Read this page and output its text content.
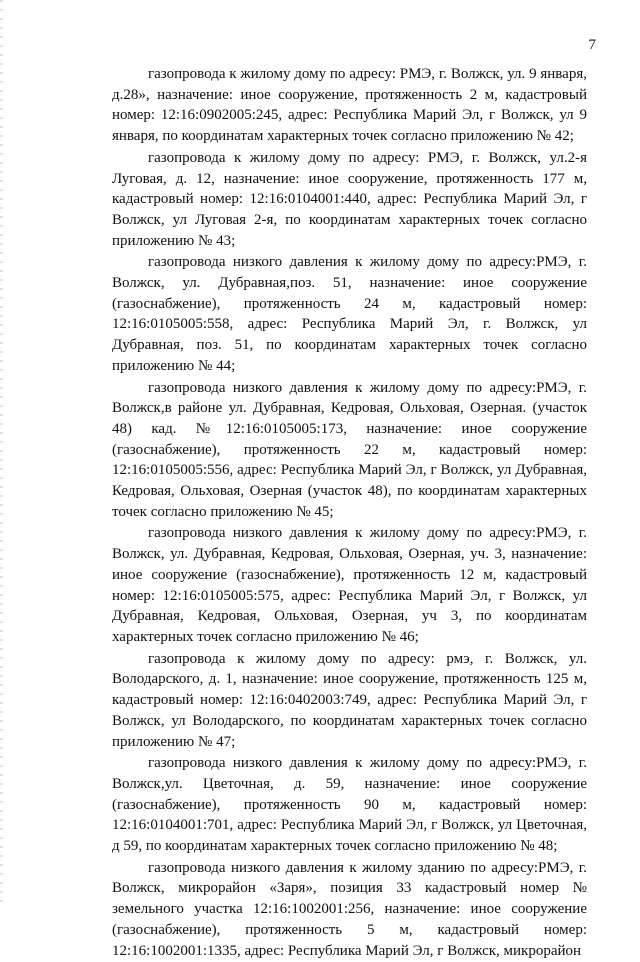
7

газопровода к жилому дому по адресу: РМЭ, г. Волжск, ул. 9 января, д.28», назначение: иное сооружение, протяженность 2 м, кадастровый номер: 12:16:0902005:245, адрес: Республика Марий Эл, г Волжск, ул 9 января, по координатам характерных точек согласно приложению № 42;

газопровода к жилому дому по адресу: РМЭ, г. Волжск, ул.2-я Луговая, д. 12, назначение: иное сооружение, протяженность 177 м, кадастровый номер: 12:16:0104001:440, адрес: Республика Марий Эл, г Волжск, ул Луговая 2-я, по координатам характерных точек согласно приложению № 43;

газопровода низкого давления к жилому дому по адресу:РМЭ, г. Волжск, ул. Дубравная,поз. 51, назначение: иное сооружение (газоснабжение), протяженность 24 м, кадастровый номер: 12:16:0105005:558, адрес: Республика Марий Эл, г. Волжск, ул Дубравная, поз. 51, по координатам характерных точек согласно приложению № 44;

газопровода низкого давления к жилому дому по адресу:РМЭ, г. Волжск,в районе ул. Дубравная, Кедровая, Ольховая, Озерная. (участок 48) кад. №12:16:0105005:173, назначение: иное сооружение (газоснабжение), протяженность 22 м, кадастровый номер: 12:16:0105005:556, адрес: Республика Марий Эл, г Волжск, ул Дубравная, Кедровая, Ольховая, Озерная (участок 48), по координатам характерных точек согласно приложению № 45;

газопровода низкого давления к жилому дому по адресу:РМЭ, г. Волжск, ул. Дубравная, Кедровая, Ольховая, Озерная, уч. 3, назначение: иное сооружение (газоснабжение), протяженность 12 м, кадастровый номер: 12:16:0105005:575, адрес: Республика Марий Эл, г Волжск, ул Дубравная, Кедровая, Ольховая, Озерная, уч 3, по координатам характерных точек согласно приложению № 46;

газопровода к жилому дому по адресу: рмэ, г. Волжск, ул. Володарского, д. 1, назначение: иное сооружение, протяженность 125 м, кадастровый номер: 12:16:0402003:749, адрес: Республика Марий Эл, г Волжск, ул Володарского, по координатам характерных точек согласно приложению № 47;

газопровода низкого давления к жилому дому по адресу:РМЭ, г. Волжск,ул. Цветочная, д. 59, назначение: иное сооружение (газоснабжение), протяженность 90 м, кадастровый номер: 12:16:0104001:701, адрес: Республика Марий Эл, г Волжск, ул Цветочная, д 59, по координатам характерных точек согласно приложению № 48;

газопровода низкого давления к жилому зданию по адресу:РМЭ, г. Волжск, микрорайон «Заря», позиция 33 кадастровый номер № земельного участка 12:16:1002001:256, назначение: иное сооружение (газоснабжение), протяженность 5 м, кадастровый номер: 12:16:1002001:1335, адрес: Республика Марий Эл, г Волжск, микрорайон
